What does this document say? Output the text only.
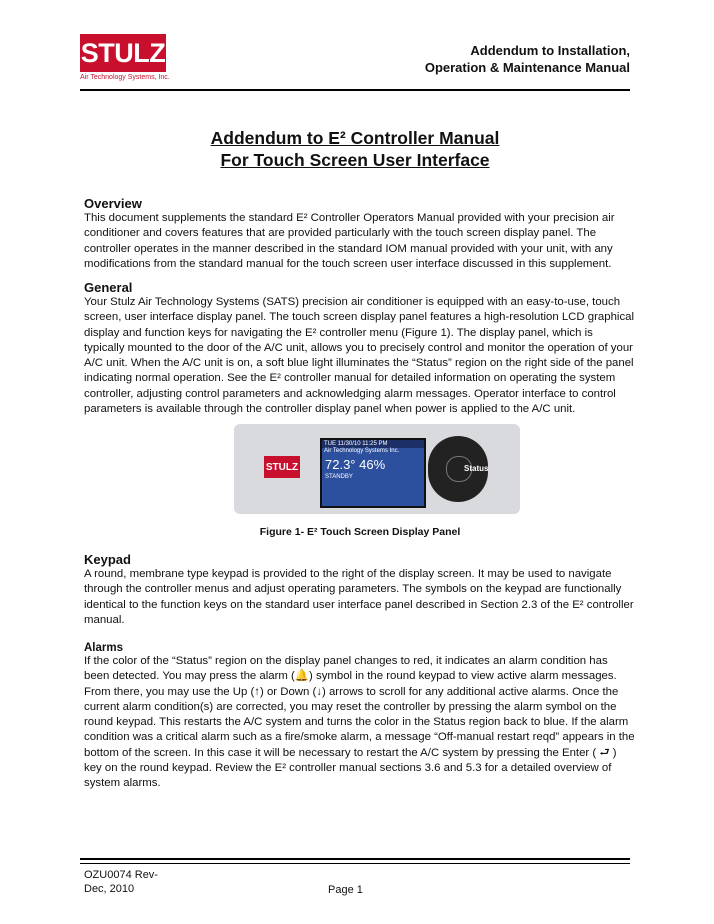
STULZ
Air Technology Systems, Inc.
Addendum to Installation,
Operation & Maintenance Manual
Addendum to E² Controller Manual
For Touch Screen User Interface
Overview

This document supplements the standard E² Controller Operators Manual provided with your precision air conditioner and covers features that are provided particularly with the touch screen display panel. The controller operates in the manner described in the standard IOM manual provided with your unit, with any modifications from the standard manual for the touch screen user interface discussed in this supplement.

General

Your Stulz Air Technology Systems (SATS) precision air conditioner is equipped with an easy-to-use, touch screen, user interface display panel. The touch screen display panel features a high-resolution LCD graphical display and function keys for navigating the E² controller menu (Figure 1). The display panel, which is typically mounted to the door of the A/C unit, allows you to precisely control and monitor the operation of your A/C unit. When the A/C unit is on, a soft blue light illuminates the “Status” region on the right side of the panel indicating normal operation. See the E² controller manual for detailed information on operating the system controller, adjusting control parameters and acknowledging alarm messages. Operator interface to control parameters is available through the controller display panel when power is applied to the A/C unit.

STULZ
TUE 11/30/10 11:25 PM
Air Technology Systems Inc.
72.3° 46%
STANDBY
Status
Figure 1- E² Touch Screen Display Panel
Keypad

A round, membrane type keypad is provided to the right of the display screen. It may be used to navigate through the controller menus and adjust operating parameters. The symbols on the keypad are functionally identical to the function keys on the standard user interface panel described in Section 2.3 of the E² controller manual.

Alarms

If the color of the “Status” region on the display panel changes to red, it indicates an alarm condition has been detected. You may press the alarm (🔔) symbol in the round keypad to view active alarm messages. From there, you may use the Up (↑) or Down (↓) arrows to scroll for any additional active alarms. Once the current alarm condition(s) are corrected, you may reset the controller by pressing the alarm symbol on the round keypad. This restarts the A/C system and turns the color in the Status region back to blue. If the alarm condition was a critical alarm such as a fire/smoke alarm, a message “Off-manual restart reqd” appears in the bottom of the screen. In this case it will be necessary to restart the A/C system by pressing the Enter ( ⮐ ) key on the round keypad. Review the E² controller manual sections 3.6 and 5.3 for a detailed overview of system alarms.

OZU0074 Rev-
Dec, 2010	Page 1
